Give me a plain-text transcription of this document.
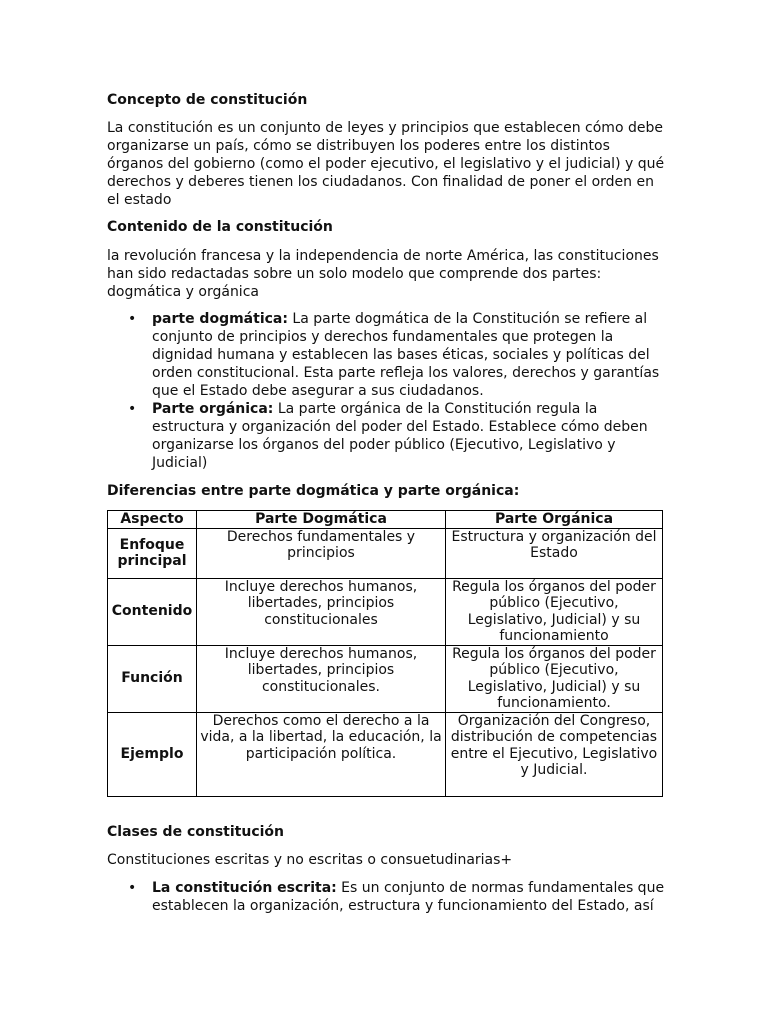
Concepto de constitución

La constitución es un conjunto de leyes y principios que establecen cómo debe organizarse un país, cómo se distribuyen los poderes entre los distintos órganos del gobierno (como el poder ejecutivo, el legislativo y el judicial) y qué derechos y deberes tienen los ciudadanos. Con finalidad de poner el orden en el estado

Contenido de la constitución

la revolución francesa y la independencia de norte América, las constituciones han sido redactadas sobre un solo modelo que comprende dos partes: dogmática y orgánica

• parte dogmática: La parte dogmática de la Constitución se refiere al conjunto de principios y derechos fundamentales que protegen la dignidad humana y establecen las bases éticas, sociales y políticas del orden constitucional. Esta parte refleja los valores, derechos y garantías que el Estado debe asegurar a sus ciudadanos.
• Parte orgánica: La parte orgánica de la Constitución regula la estructura y organización del poder del Estado. Establece cómo deben organizarse los órganos del poder público (Ejecutivo, Legislativo y Judicial)
Diferencias entre parte dogmática y parte orgánica:
Aspecto	Parte Dogmática	Parte Orgánica
Enfoque principal	Derechos fundamentales y principios	Estructura y organización del Estado
Contenido	Incluye derechos humanos, libertades, principios constitucionales	Regula los órganos del poder público (Ejecutivo, Legislativo, Judicial) y su funcionamiento
Función	Incluye derechos humanos, libertades, principios constitucionales.	Regula los órganos del poder público (Ejecutivo, Legislativo, Judicial) y su funcionamiento.
Ejemplo	Derechos como el derecho a la vida, a la libertad, la educación, la participación política.	Organización del Congreso, distribución de competencias entre el Ejecutivo, Legislativo y Judicial.
Clases de constitución

Constituciones escritas y no escritas o consuetudinarias+

• La constitución escrita: Es un conjunto de normas fundamentales que establecen la organización, estructura y funcionamiento del Estado, así
